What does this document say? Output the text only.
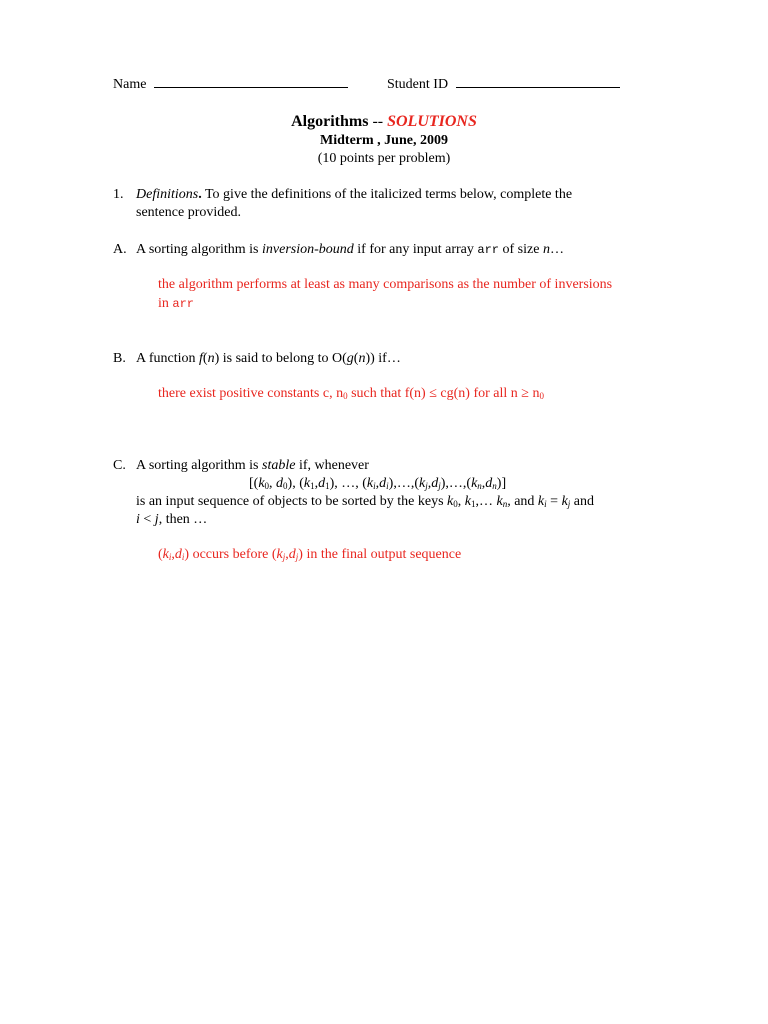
Name	Student ID
Algorithms -- SOLUTIONS
Midterm , June, 2009
(10 points per problem)
1. Definitions. To give the definitions of the italicized terms below, complete the
sentence provided.
A. A sorting algorithm is inversion-bound if for any input array arr of size n…
the algorithm performs at least as many comparisons as the number of inversions
in arr
B. A function f(n) is said to belong to O(g(n)) if…
there exist positive constants c, $n_0$ such that f(n) ≤ cg(n) for all $n \ge n_0$
C. A sorting algorithm is stable if, whenever
[($k_0$, $d_0$), $(k_1,d_1)$, …, $(k_i,d_i),\dots,(k_j,d_j),\dots,(k_n,d_n)$]
is an input sequence of objects to be sorted by the keys $k_0$, $k_1,\dots$ $k_n$, and $k_i = k_j$ and
i < j, then …
$(k_i,d_i)$ occurs before $(k_j,d_j)$ in the final output sequence
